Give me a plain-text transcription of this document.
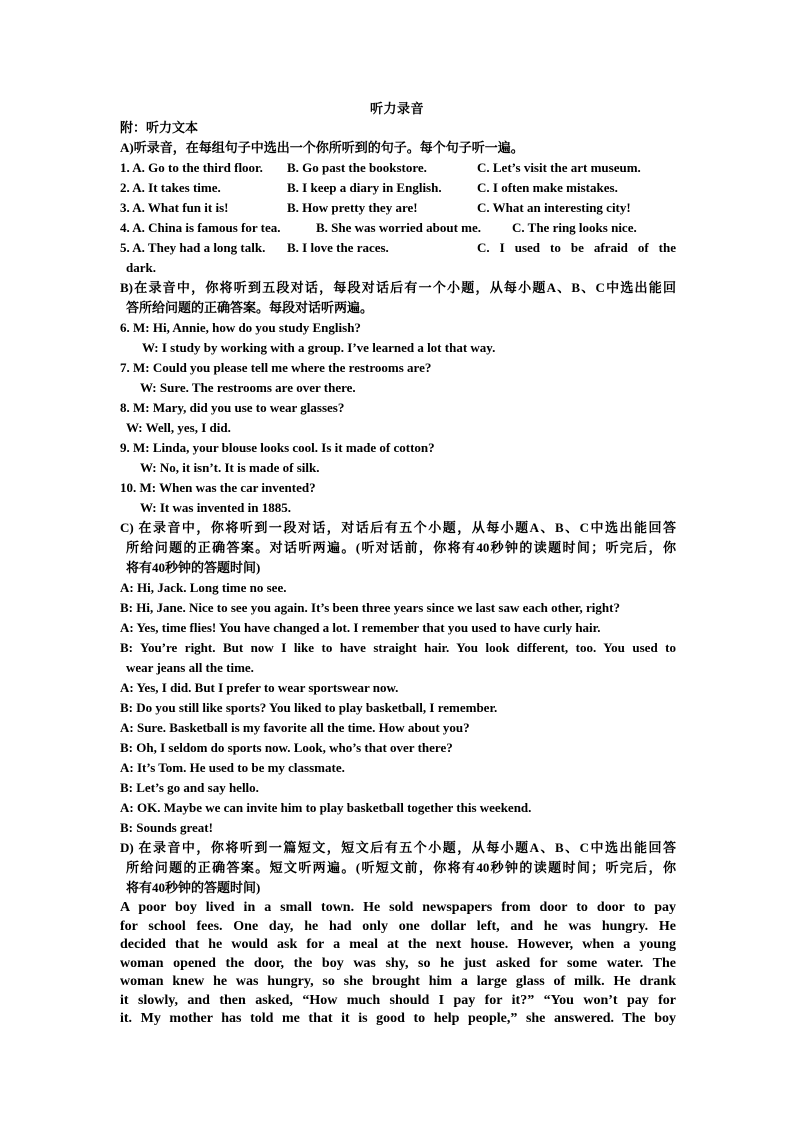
听力录音
附：听力文本
A)听录音，在每组句子中选出一个你所听到的句子。每个句子听一遍。
1. A. Go to the third floor.	B. Go past the bookstore.	C. Let’s visit the art museum.
2. A. It takes time.	B. I keep a diary in English.	C. I often make mistakes.
3. A. What fun it is!	B. How pretty they are!	C. What an interesting city!
4. A. China is famous for tea.	B. She was worried about me.	C. The ring looks nice.
5. A. They had a long talk.	B. I love the races.	C. I used to be afraid of the
dark.
B)在录音中，你将听到五段对话，每段对话后有一个小题，从每小题A、B、C中选出能回
答所给问题的正确答案。每段对话听两遍。
6. M: Hi, Annie, how do you study English?
W: I study by working with a group. I’ve learned a lot that way.
7. M: Could you please tell me where the restrooms are?
W: Sure. The restrooms are over there.
8. M: Mary, did you use to wear glasses?
W: Well, yes, I did.
9. M: Linda, your blouse looks cool. Is it made of cotton?
W: No, it isn’t. It is made of silk.
10. M: When was the car invented?
W: It was invented in 1885.
C) 在录音中，你将听到一段对话，对话后有五个小题，从每小题A、B、C中选出能回答
所给问题的正确答案。对话听两遍。(听对话前，你将有40秒钟的读题时间；听完后，你
将有40秒钟的答题时间)
A: Hi, Jack. Long time no see.
B: Hi, Jane. Nice to see you again. It’s been three years since we last saw each other, right?
A: Yes, time flies! You have changed a lot. I remember that you used to have curly hair.
B: You’re right. But now I like to have straight hair. You look different, too. You used to
wear jeans all the time.
A: Yes, I did. But I prefer to wear sportswear now.
B: Do you still like sports? You liked to play basketball, I remember.
A: Sure. Basketball is my favorite all the time. How about you?
B: Oh, I seldom do sports now. Look, who’s that over there?
A: It’s Tom. He used to be my classmate.
B: Let’s go and say hello.
A: OK. Maybe we can invite him to play basketball together this weekend.
B: Sounds great!
D) 在录音中，你将听到一篇短文，短文后有五个小题，从每小题A、B、C中选出能回答
所给问题的正确答案。短文听两遍。(听短文前，你将有40秒钟的读题时间；听完后，你
将有40秒钟的答题时间)
A poor boy lived in a small town. He sold newspapers from door to door to pay
for school fees. One day, he had only one dollar left, and he was hungry. He
decided that he would ask for a meal at the next house. However, when a young
woman opened the door, the boy was shy, so he just asked for some water. The
woman knew he was hungry, so she brought him a large glass of milk. He drank
it slowly, and then asked, “How much should I pay for it?” “You won’t pay for
it. My mother has told me that it is good to help people,” she answered. The boy
